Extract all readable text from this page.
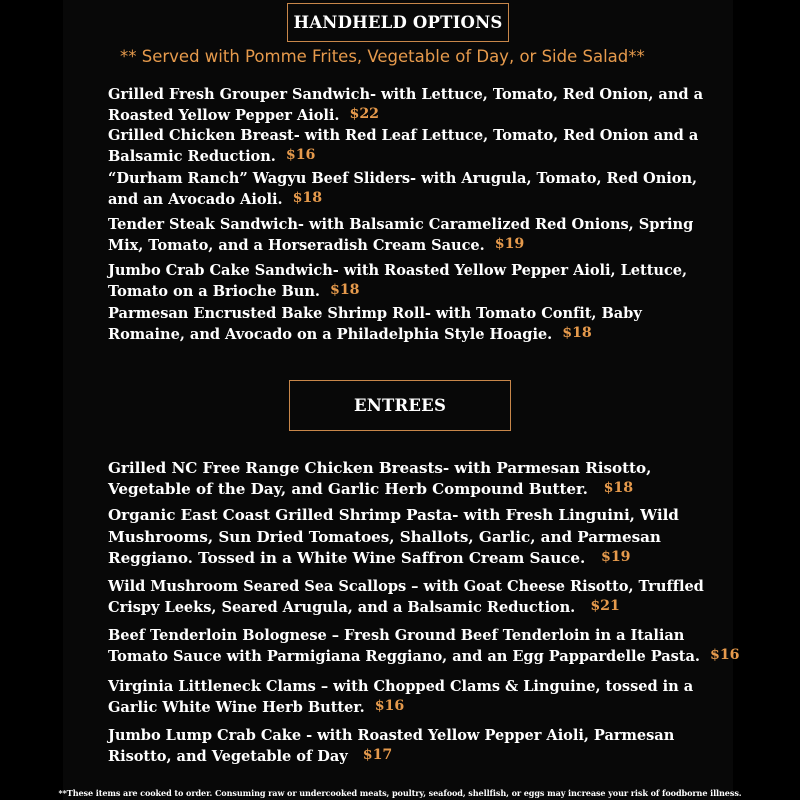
HANDHELD OPTIONS
** Served with Pomme Frites, Vegetable of Day, or Side Salad**
Grilled Fresh Grouper Sandwich- with Lettuce, Tomato, Red Onion, and a
Roasted Yellow Pepper Aioli. $22
Grilled Chicken Breast- with Red Leaf Lettuce, Tomato, Red Onion and a
Balsamic Reduction. $16
“Durham Ranch” Wagyu Beef Sliders- with Arugula, Tomato, Red Onion,
and an Avocado Aioli. $18
Tender Steak Sandwich- with Balsamic Caramelized Red Onions, Spring
Mix, Tomato, and a Horseradish Cream Sauce. $19
Jumbo Crab Cake Sandwich- with Roasted Yellow Pepper Aioli, Lettuce,
Tomato on a Brioche Bun. $18
Parmesan Encrusted Bake Shrimp Roll- with Tomato Confit, Baby
Romaine, and Avocado on a Philadelphia Style Hoagie. $18
ENTREES
Grilled NC Free Range Chicken Breasts- with Parmesan Risotto,
Vegetable of the Day, and Garlic Herb Compound Butter. $18
Organic East Coast Grilled Shrimp Pasta- with Fresh Linguini, Wild
Mushrooms, Sun Dried Tomatoes, Shallots, Garlic, and Parmesan
Reggiano. Tossed in a White Wine Saffron Cream Sauce. $19
Wild Mushroom Seared Sea Scallops – with Goat Cheese Risotto, Truffled
Crispy Leeks, Seared Arugula, and a Balsamic Reduction. $21
Beef Tenderloin Bolognese – Fresh Ground Beef Tenderloin in a Italian
Tomato Sauce with Parmigiana Reggiano, and an Egg Pappardelle Pasta. $16
Virginia Littleneck Clams – with Chopped Clams & Linguine, tossed in a
Garlic White Wine Herb Butter. $16
Jumbo Lump Crab Cake - with Roasted Yellow Pepper Aioli, Parmesan
Risotto, and Vegetable of Day $17
**These items are cooked to order. Consuming raw or undercooked meats, poultry, seafood, shellfish, or eggs may increase your risk of foodborne illness.
